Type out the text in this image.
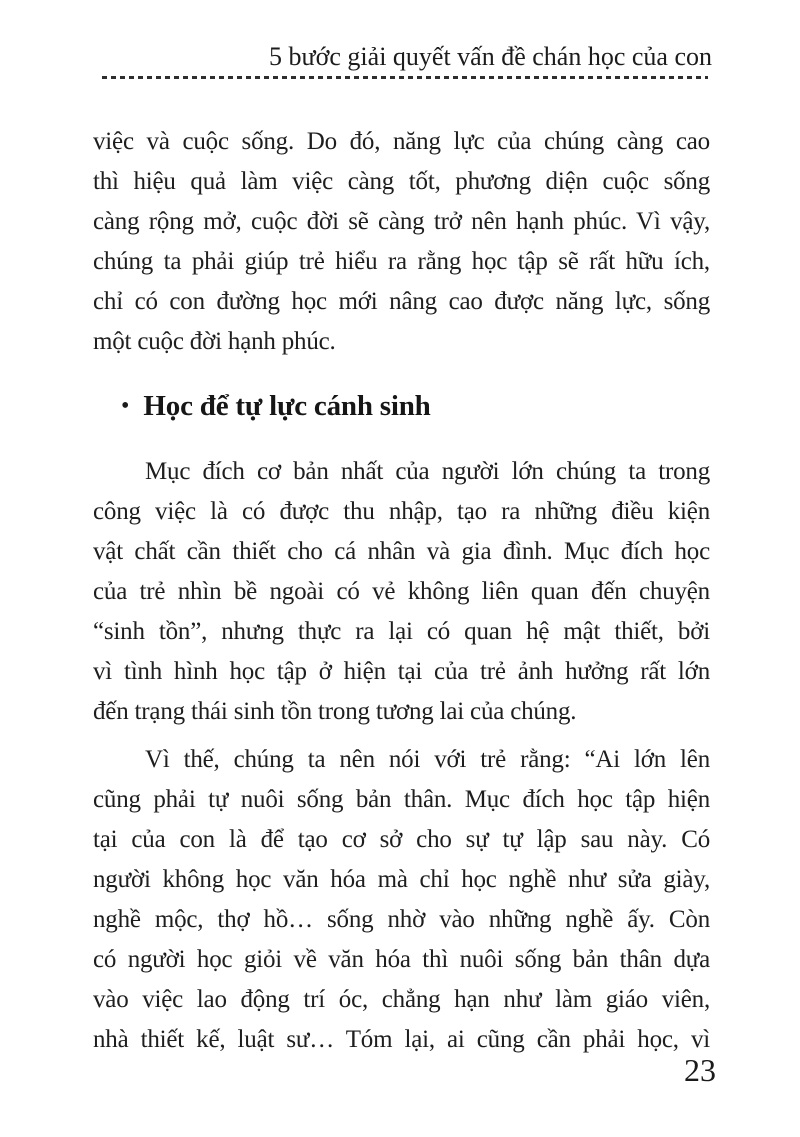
5 bước giải quyết vấn đề chán học của con

việc và cuộc sống. Do đó, năng lực của chúng càng cao
thì hiệu quả làm việc càng tốt, phương diện cuộc sống
càng rộng mở, cuộc đời sẽ càng trở nên hạnh phúc. Vì vậy,
chúng ta phải giúp trẻ hiểu ra rằng học tập sẽ rất hữu ích,
chỉ có con đường học mới nâng cao được năng lực, sống
một cuộc đời hạnh phúc.

• Học để tự lực cánh sinh

Mục đích cơ bản nhất của người lớn chúng ta trong
công việc là có được thu nhập, tạo ra những điều kiện
vật chất cần thiết cho cá nhân và gia đình. Mục đích học
của trẻ nhìn bề ngoài có vẻ không liên quan đến chuyện
“sinh tồn”, nhưng thực ra lại có quan hệ mật thiết, bởi
vì tình hình học tập ở hiện tại của trẻ ảnh hưởng rất lớn
đến trạng thái sinh tồn trong tương lai của chúng.

Vì thế, chúng ta nên nói với trẻ rằng: “Ai lớn lên
cũng phải tự nuôi sống bản thân. Mục đích học tập hiện
tại của con là để tạo cơ sở cho sự tự lập sau này. Có
người không học văn hóa mà chỉ học nghề như sửa giày,
nghề mộc, thợ hồ… sống nhờ vào những nghề ấy. Còn
có người học giỏi về văn hóa thì nuôi sống bản thân dựa
vào việc lao động trí óc, chẳng hạn như làm giáo viên,
nhà thiết kế, luật sư… Tóm lại, ai cũng cần phải học, vì

23
